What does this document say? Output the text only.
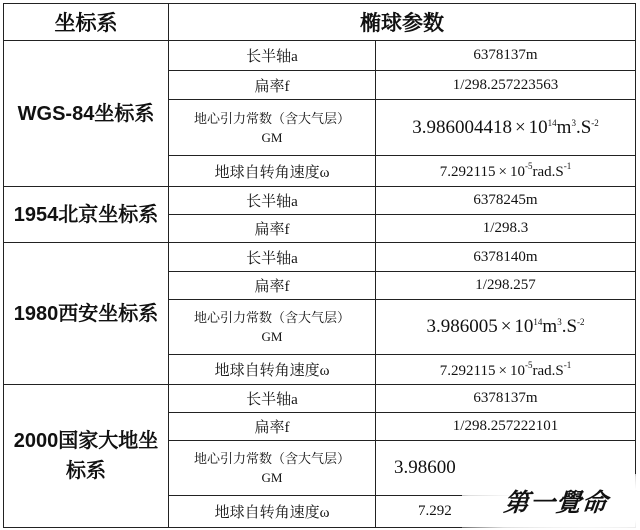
坐标系	椭球参数	
WGS-84坐标系	长半轴a	6378137m
	扁率f	1/298.257223563

	地心引力常数（含大气层）
GM	$3.986004418 \times 10^{14}m^3.S^{-2}$
	地球自转角速度ω	$7.292115 \times 10^{-5}rad.S^{-1}$
1954北京坐标系	长半轴a	6378245m
	扁率f	1/298.3
1980西安坐标系	长半轴a	6378140m
	扁率f	1/298.257

	地心引力常数（含大气层）
GM	$3.986005 \times 10^{14}m^3.S^{-2}$
	地球自转角速度ω	$7.292115 \times 10^{-5}rad.S^{-1}$
2000国家大地坐标系	长半轴a	6378137m
	扁率f	1/298.257222101

	地心引力常数（含大气层）
GM	3.98600
	地球自转角速度ω	7.292 第一覺命
